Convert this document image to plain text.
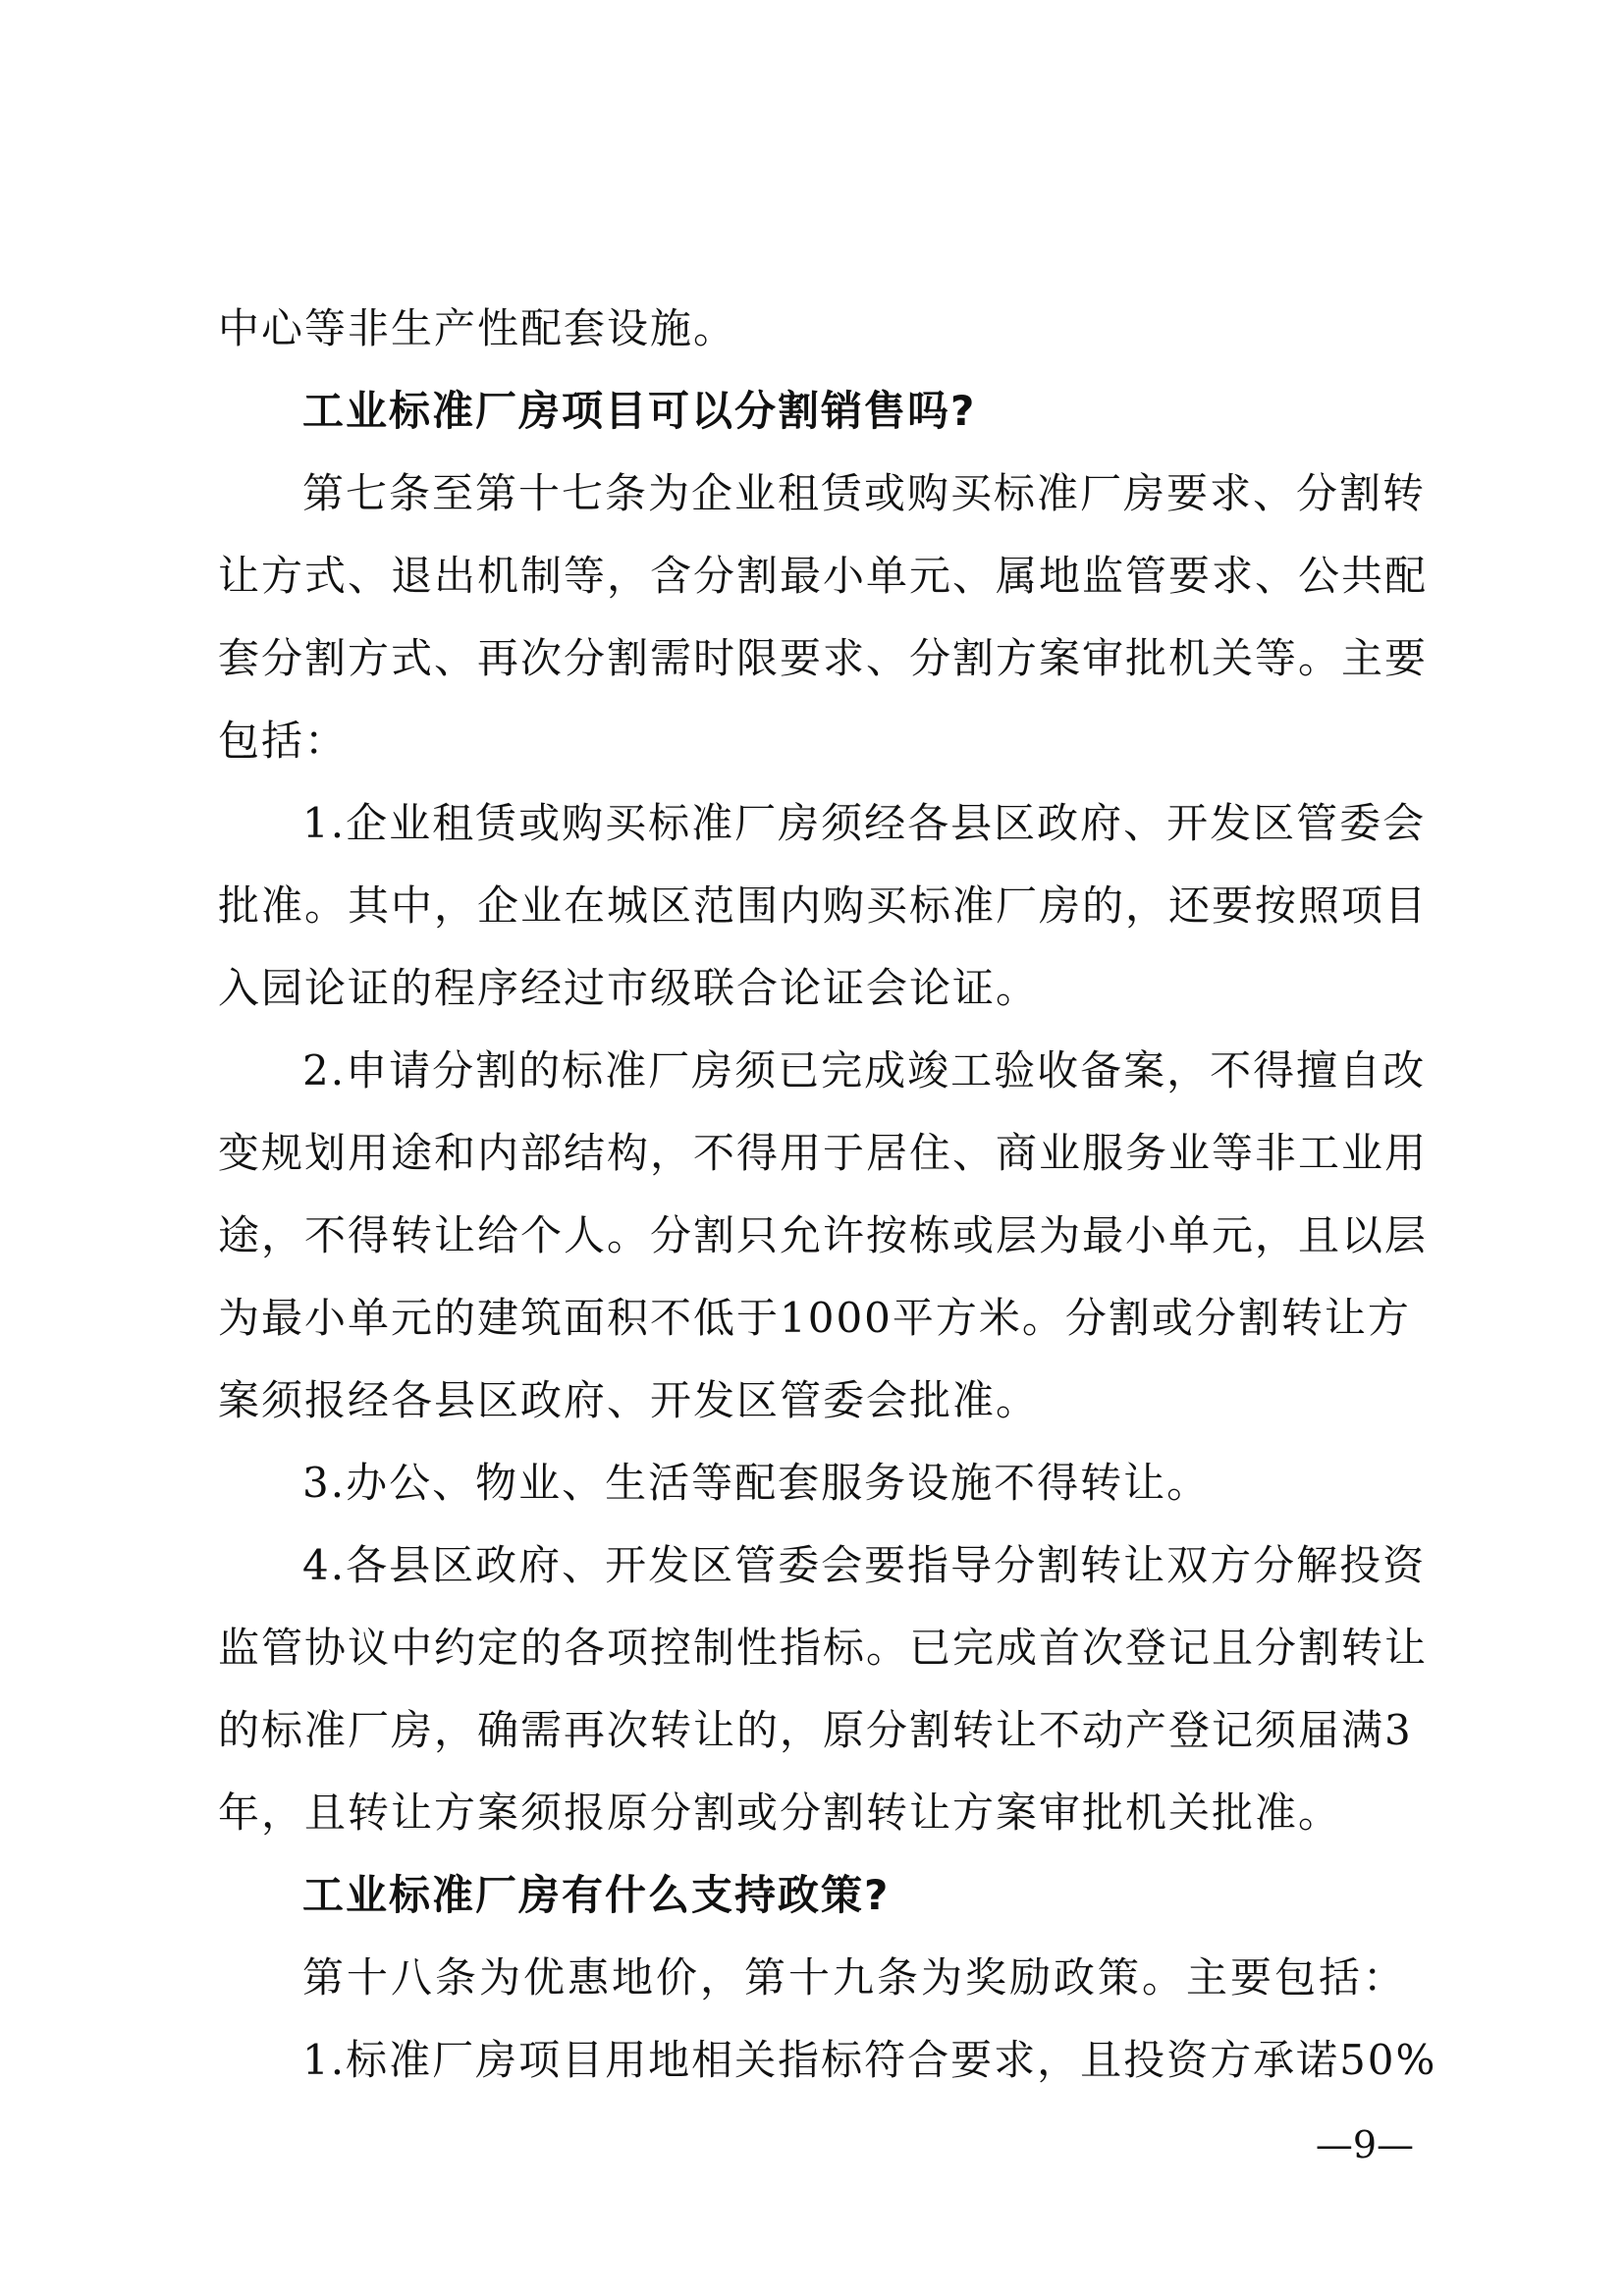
中心等非生产性配套设施。
工业标准厂房项目可以分割销售吗?
第七条至第十七条为企业租赁或购买标准厂房要求、分割转
让方式、退出机制等，含分割最小单元、属地监管要求、公共配
套分割方式、再次分割需时限要求、分割方案审批机关等。主要
包括：
1.企业租赁或购买标准厂房须经各县区政府、开发区管委会
批准。其中，企业在城区范围内购买标准厂房的，还要按照项目
入园论证的程序经过市级联合论证会论证。
2.申请分割的标准厂房须已完成竣工验收备案，不得擅自改
变规划用途和内部结构，不得用于居住、商业服务业等非工业用
途，不得转让给个人。分割只允许按栋或层为最小单元，且以层
为最小单元的建筑面积不低于1000平方米。分割或分割转让方
案须报经各县区政府、开发区管委会批准。
3.办公、物业、生活等配套服务设施不得转让。
4.各县区政府、开发区管委会要指导分割转让双方分解投资
监管协议中约定的各项控制性指标。已完成首次登记且分割转让
的标准厂房，确需再次转让的，原分割转让不动产登记须届满3
年，且转让方案须报原分割或分割转让方案审批机关批准。
工业标准厂房有什么支持政策?
第十八条为优惠地价，第十九条为奖励政策。主要包括：
1.标准厂房项目用地相关指标符合要求，且投资方承诺50%
—9—
